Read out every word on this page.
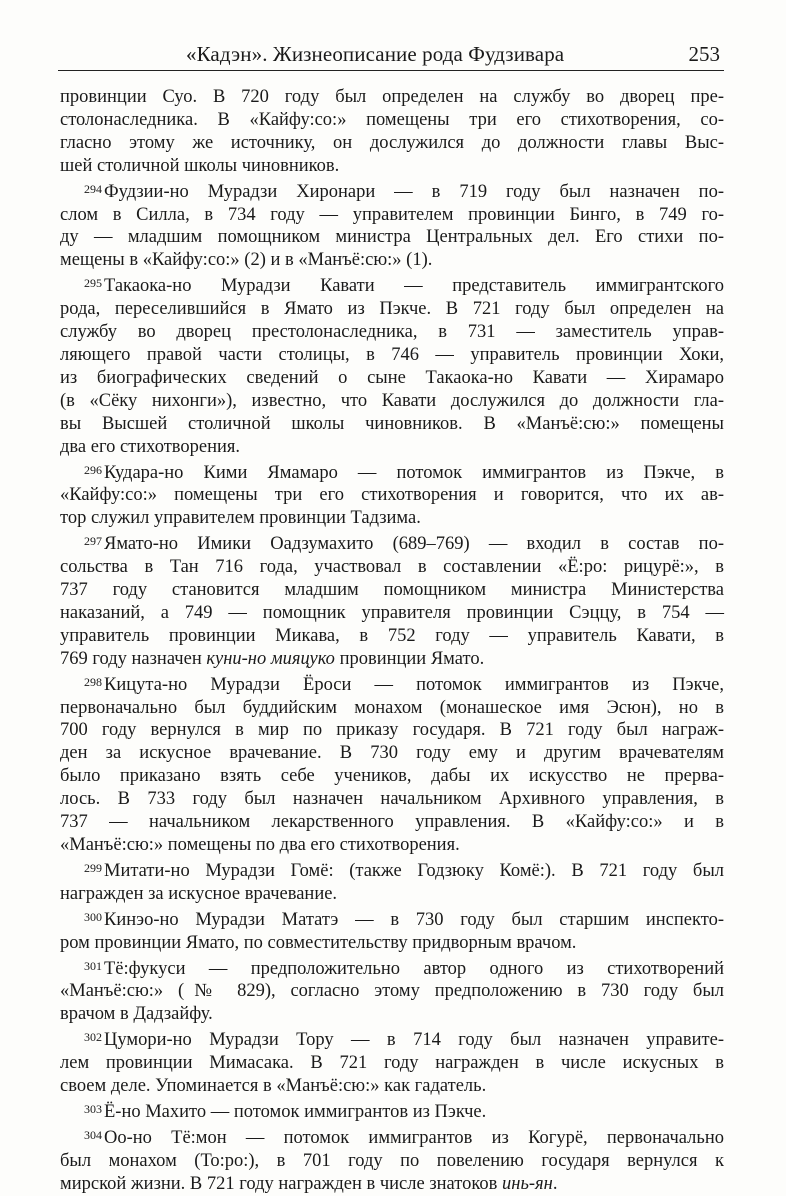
«Кадэн». Жизнеописание рода Фудзивара	253

провинции Суо. В 720 году был определен на службу во дворец пре-
столонаследника. В «Кайфу:со:» помещены три его стихотворения, со-
гласно этому же источнику, он дослужился до должности главы Выс-
шей столичной школы чиновников.

$^{294}$ Фудзии-но Мурадзи Хиронари — в 719 году был назначен по-
слом в Силла, в 734 году — управителем провинции Бинго, в 749 го-
ду — младшим помощником министра Центральных дел. Его стихи по-
мещены в «Кайфу:со:» (2) и в «Манъё:сю:» (1).

$^{295}$ Такаока-но Мурадзи Кавати — представитель иммигрантского
рода, переселившийся в Ямато из Пэкче. В 721 году был определен на
службу во дворец престолонаследника, в 731 — заместитель управ-
ляющего правой части столицы, в 746 — управитель провинции Хоки,
из биографических сведений о сыне Такаока-но Кавати — Хирамаро
(в «Сёку нихонги»), известно, что Кавати дослужился до должности гла-
вы Высшей столичной школы чиновников. В «Манъё:сю:» помещены
два его стихотворения.

$^{296}$ Кудара-но Кими Ямамаро — потомок иммигрантов из Пэкче, в
«Кайфу:со:» помещены три его стихотворения и говорится, что их ав-
тор служил управителем провинции Тадзима.

$^{297}$ Ямато-но Имики Оадзумахито (689–769) — входил в состав по-
сольства в Тан 716 года, участвовал в составлении «Ё:ро: рицурё:», в
737 году становится младшим помощником министра Министерства
наказаний, а 749 — помощник управителя провинции Сэццу, в 754 —
управитель провинции Микава, в 752 году — управитель Кавати, в
769 году назначен куни-но мияцуко провинции Ямато.

$^{298}$ Кицута-но Мурадзи Ёроси — потомок иммигрантов из Пэкче,
первоначально был буддийским монахом (монашеское имя Эсюн), но в
700 году вернулся в мир по приказу государя. В 721 году был награж-
ден за искусное врачевание. В 730 году ему и другим врачевателям
было приказано взять себе учеников, дабы их искусство не прерва-
лось. В 733 году был назначен начальником Архивного управления, в
737 — начальником лекарственного управления. В «Кайфу:со:» и в
«Манъё:сю:» помещены по два его стихотворения.

$^{299}$ Митати-но Мурадзи Гомё: (также Годзюку Комё:). В 721 году был
награжден за искусное врачевание.

$^{300}$ Кинэо-но Мурадзи Мататэ — в 730 году был старшим инспекто-
ром провинции Ямато, по совместительству придворным врачом.

$^{301}$ Тё:фукуси — предположительно автор одного из стихотворений
«Манъё:сю:» (№ 829), согласно этому предположению в 730 году был
врачом в Дадзайфу.

$^{302}$ Цумори-но Мурадзи Тору — в 714 году был назначен управите-
лем провинции Мимасака. В 721 году награжден в числе искусных в
своем деле. Упоминается в «Манъё:сю:» как гадатель.

$^{303}$ Ё-но Махито — потомок иммигрантов из Пэкче.

$^{304}$ Оо-но Тё:мон — потомок иммигрантов из Когурё, первоначально
был монахом (То:ро:), в 701 году по повелению государя вернулся к
мирской жизни. В 721 году награжден в числе знатоков инь-ян.
